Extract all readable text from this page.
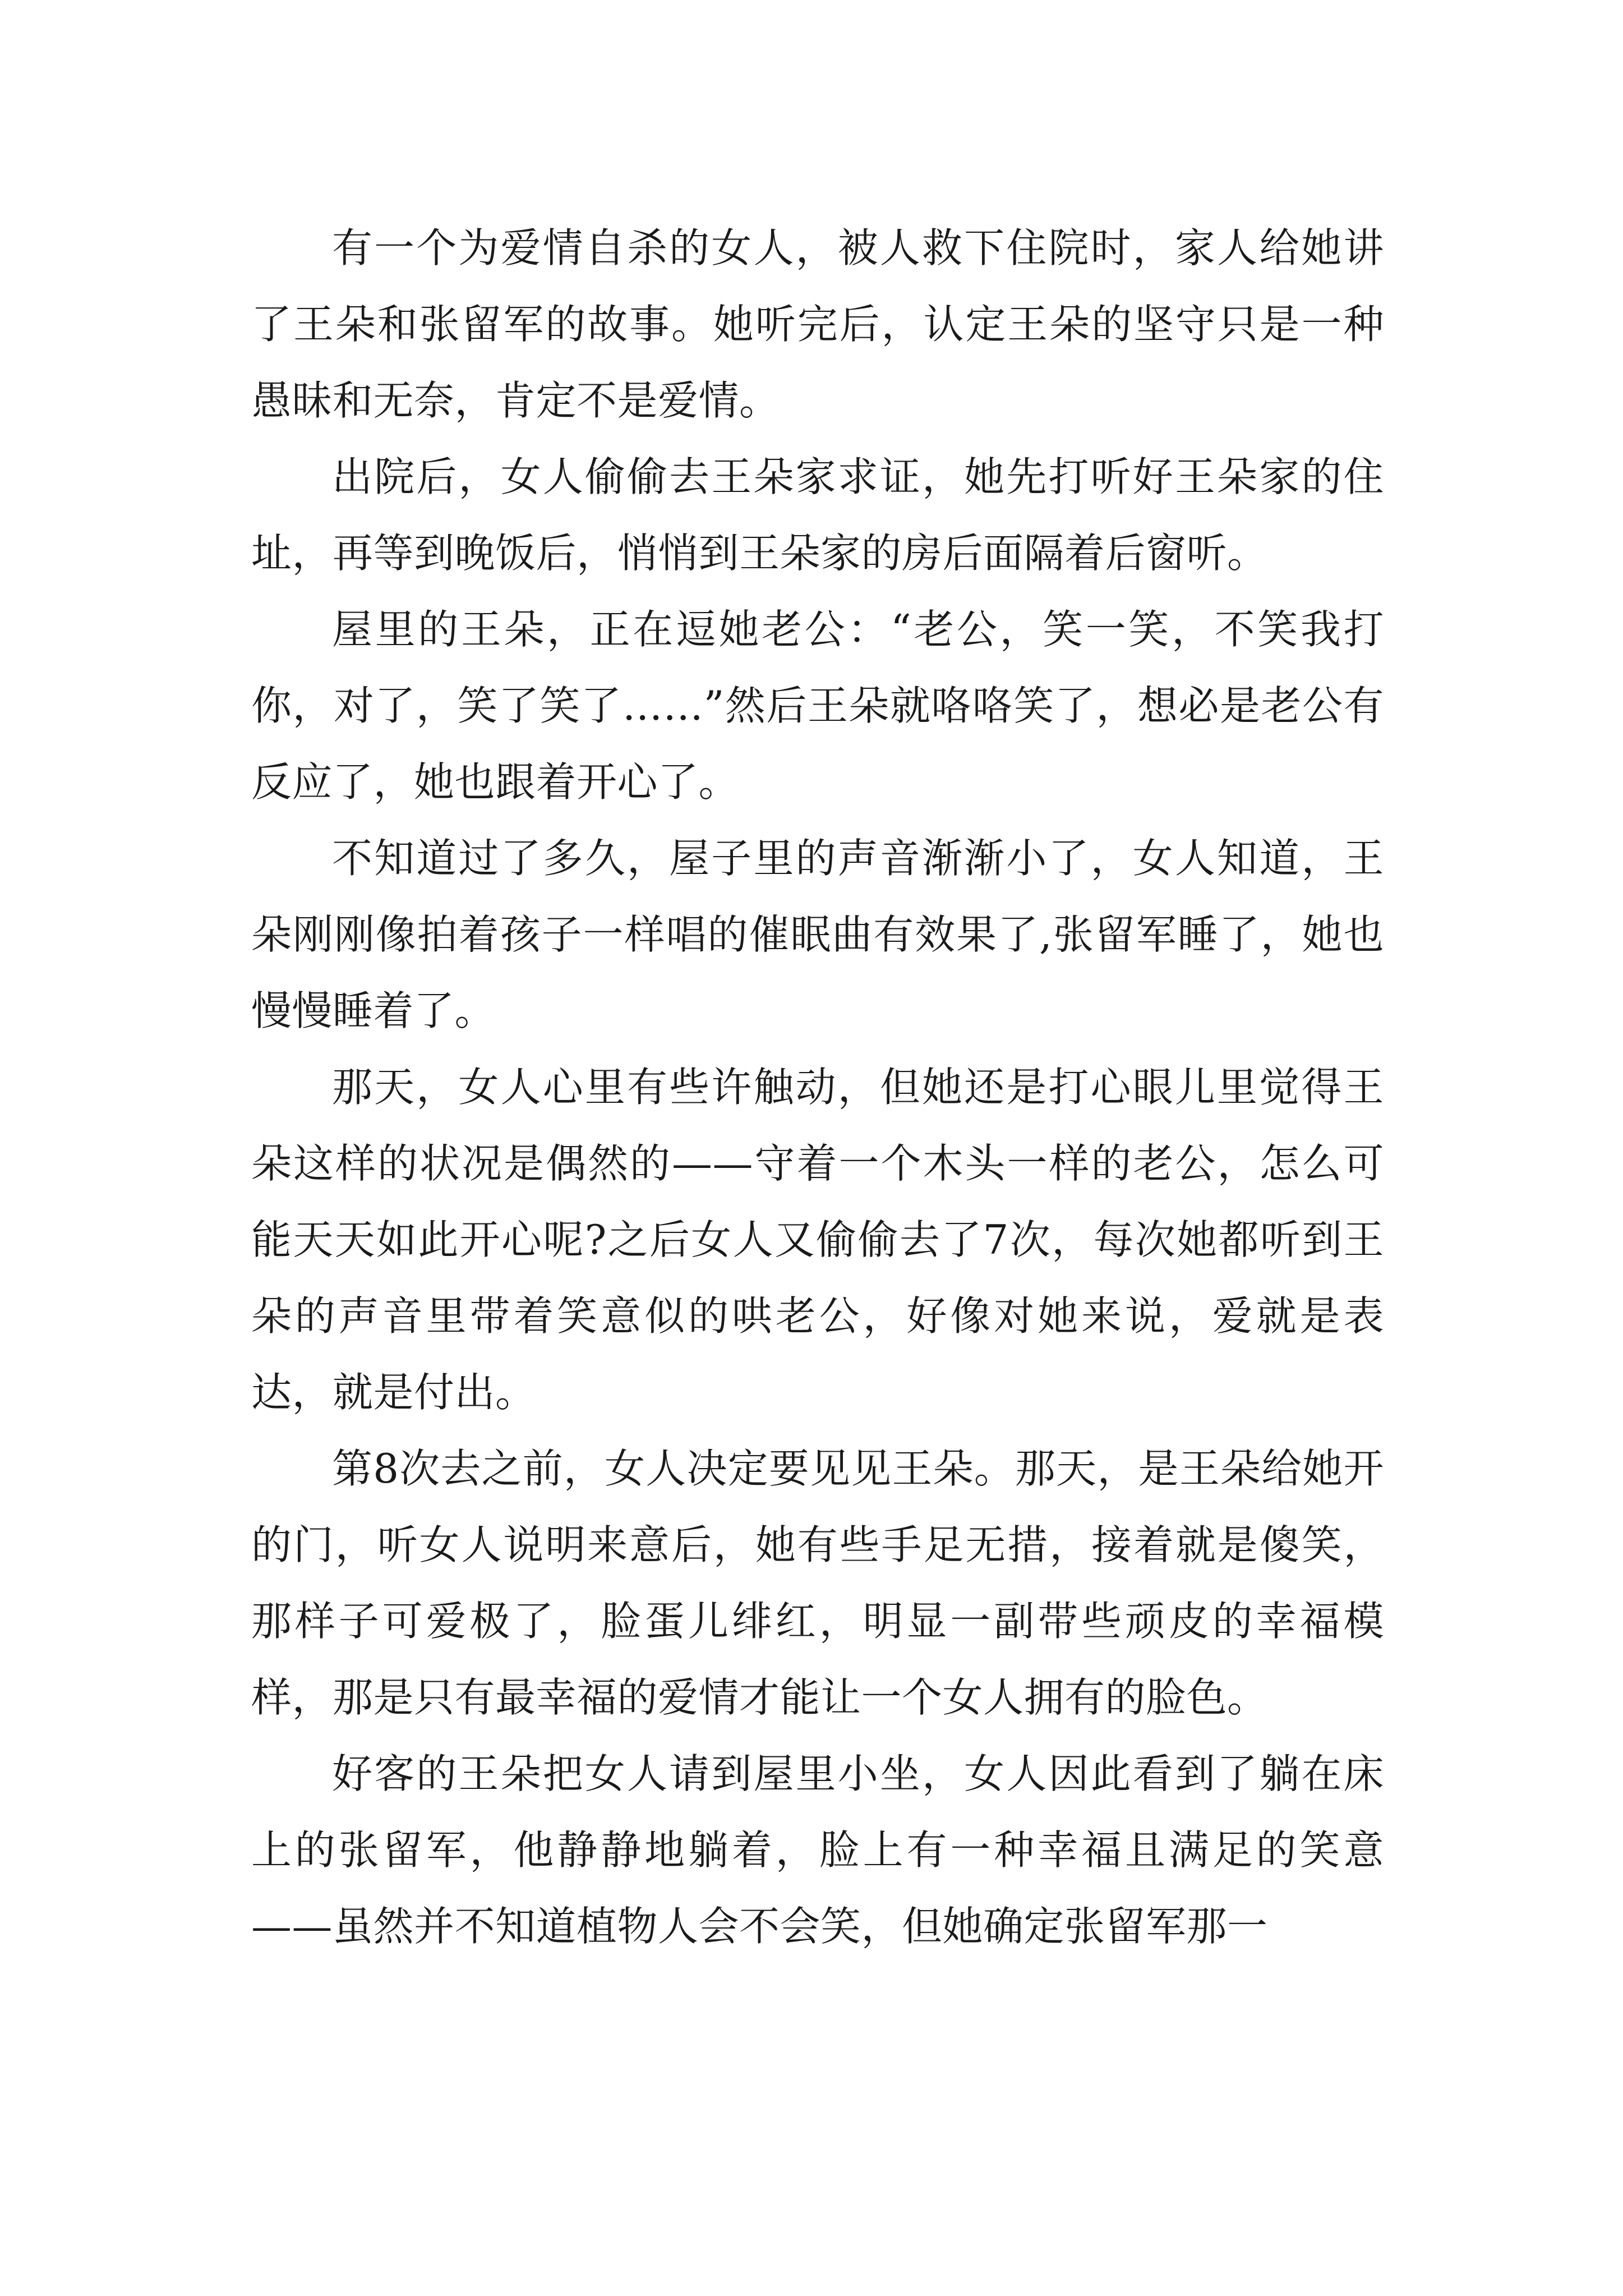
有一个为爱情自杀的女人，被人救下住院时，家人给她讲了王朵和张留军的故事。她听完后，认定王朵的坚守只是一种愚昧和无奈，肯定不是爱情。

出院后，女人偷偷去王朵家求证，她先打听好王朵家的住址，再等到晚饭后，悄悄到王朵家的房后面隔着后窗听。

屋里的王朵，正在逗她老公：“老公，笑一笑，不笑我打你，对了，笑了笑了……”然后王朵就咯咯笑了，想必是老公有反应了，她也跟着开心了。

不知道过了多久，屋子里的声音渐渐小了，女人知道，王朵刚刚像拍着孩子一样唱的催眠曲有效果了,张留军睡了，她也慢慢睡着了。

那天，女人心里有些许触动，但她还是打心眼儿里觉得王朵这样的状况是偶然的——守着一个木头一样的老公，怎么可能天天如此开心呢?之后女人又偷偷去了7次，每次她都听到王朵的声音里带着笑意似的哄老公，好像对她来说，爱就是表达，就是付出。

第8次去之前，女人决定要见见王朵。那天，是王朵给她开的门，听女人说明来意后，她有些手足无措，接着就是傻笑，那样子可爱极了，脸蛋儿绯红，明显一副带些顽皮的幸福模样，那是只有最幸福的爱情才能让一个女人拥有的脸色。

好客的王朵把女人请到屋里小坐，女人因此看到了躺在床上的张留军，他静静地躺着，脸上有一种幸福且满足的笑意——虽然并不知道植物人会不会笑，但她确定张留军那一
